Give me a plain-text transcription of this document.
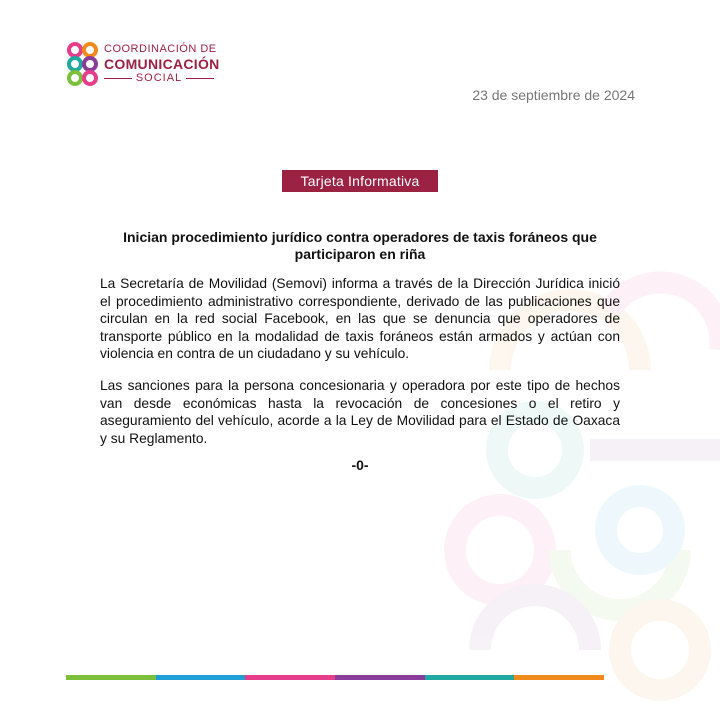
COORDINACIÓN DE
COMUNICACIÓN
SOCIAL
23 de septiembre de 2024
Tarjeta Informativa
Inician procedimiento jurídico contra operadores de taxis foráneos que participaron en riña

La Secretaría de Movilidad (Semovi) informa a través de la Dirección Jurídica inició el procedimiento administrativo correspondiente, derivado de las publicaciones que circulan en la red social Facebook, en las que se denuncia que operadores de transporte público en la modalidad de taxis foráneos están armados y actúan con violencia en contra de un ciudadano y su vehículo.

Las sanciones para la persona concesionaria y operadora por este tipo de hechos van desde económicas hasta la revocación de concesiones o el retiro y aseguramiento del vehículo, acorde a la Ley de Movilidad para el Estado de Oaxaca y su Reglamento.

-0-
